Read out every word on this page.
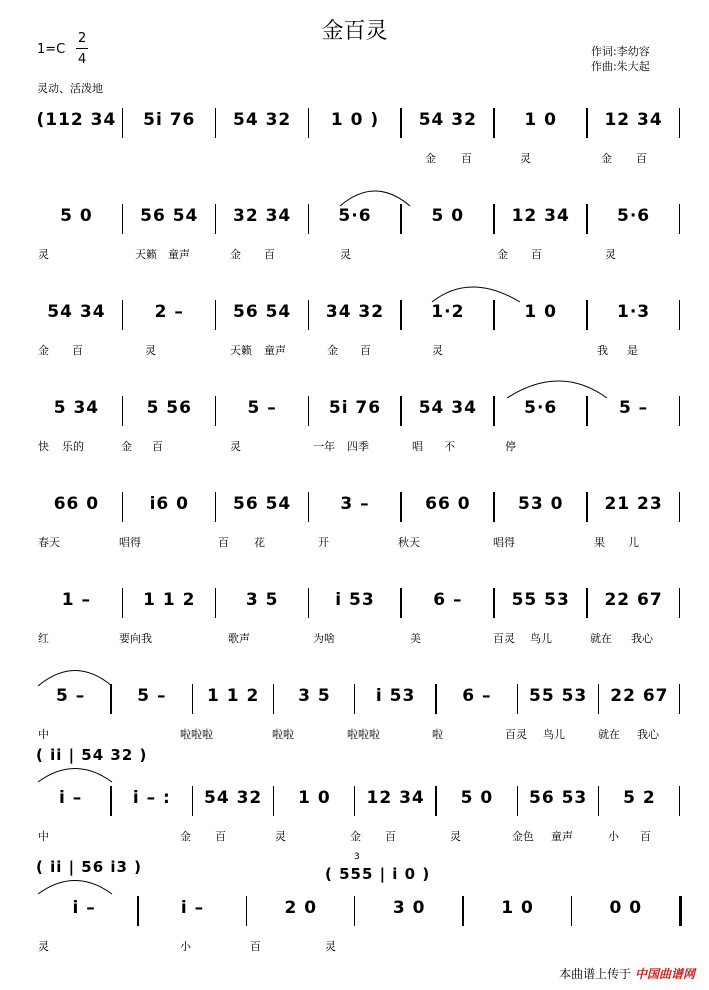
金百灵
1=C
2
4
作词:李幼容
作曲:朱大起
灵动、活泼地
(112 34	5i 76	54 32	1 0 )	54 32	1 0	12 34
金 百	灵	金 百
5 0	56 54	32 34	5·6	5 0	12 34	5·6
灵	天籁 童声	金 百	灵	金 百	灵
54 34	2 –	56 54	34 32	1·2	1 0	1·3
金 百	灵	天籁 童声	金 百	灵	我 是
5 34	5 56	5 –	5i 76	54 34	5·6	5 –
快 乐的	金 百	灵	一年 四季	唱 不	停
66 0	i6 0	56 54	3 –	66 0	53 0	21 23
春天	唱得	百 花	开	秋天	唱得	果 儿
1 –	1 1 2	3 5	i 53	6 –	55 53	22 67
红	要向我	歌声	为啥	美	百灵 鸟儿	就在 我心
5 –	5 –	1 1 2	3 5	i 53	6 –	55 53	22 67
中	啦啦啦	啦啦	啦啦啦	啦	百灵 鸟儿	就在 我心
i –	i – :	54 32	1 0	12 34	5 0	56 53	5 2
中	金 百	灵	金 百	灵	金色 童声	小 百
i –	i –	2 0	3 0	1 0	0 0
灵	小	百	灵
( ii | 54 32 )
( ii | 56 i3 )	( 555 | i 0 )
3
本曲谱上传于 中国曲谱网
